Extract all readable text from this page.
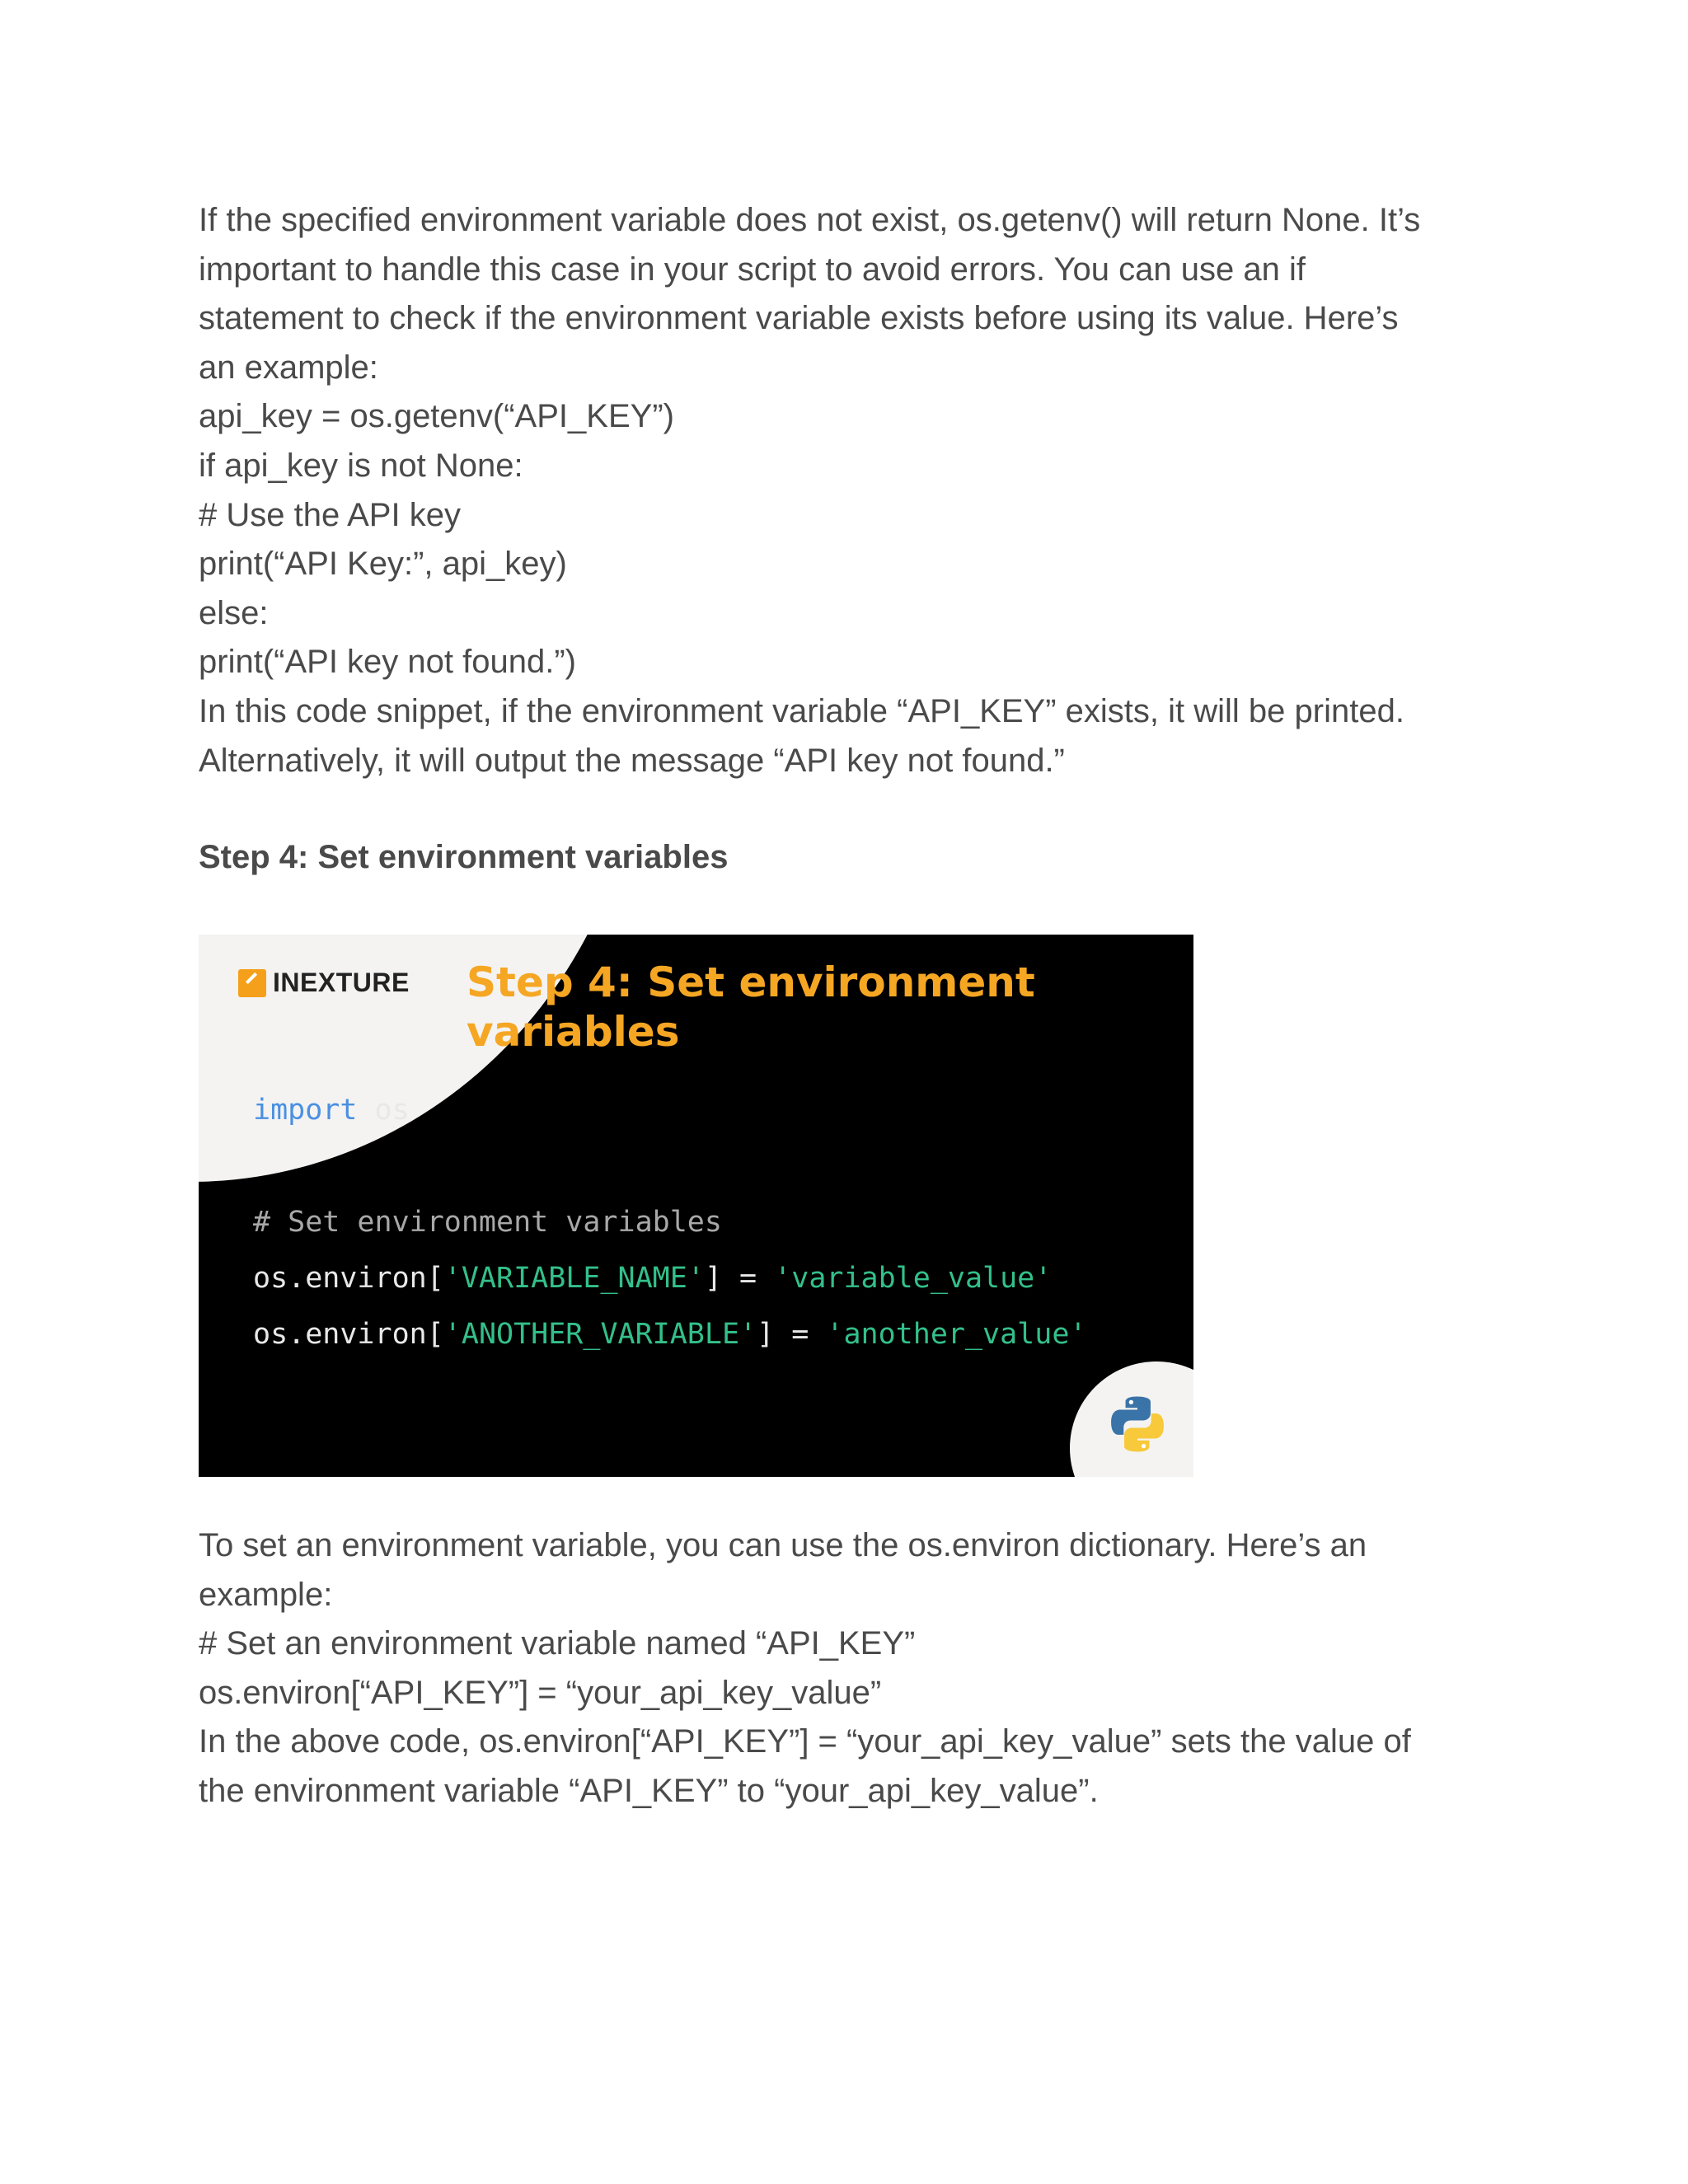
If the specified environment variable does not exist, os.getenv() will return None. It’s

important to handle this case in your script to avoid errors. You can use an if

statement to check if the environment variable exists before using its value. Here’s

an example:

api_key = os.getenv(“API_KEY”)

if api_key is not None:

# Use the API key

print(“API Key:”, api_key)

else:

print(“API key not found.”)

In this code snippet, if the environment variable “API_KEY” exists, it will be printed.

Alternatively, it will output the message “API key not found.”

Step 4: Set environment variables
INEXTURE Step 4: Set environment
variables
import os
# Set environment variables
os.environ['VARIABLE_NAME'] = 'variable_value'
os.environ['ANOTHER_VARIABLE'] = 'another_value'

To set an environment variable, you can use the os.environ dictionary. Here’s an

example:

# Set an environment variable named “API_KEY”

os.environ[“API_KEY”] = “your_api_key_value”

In the above code, os.environ[“API_KEY”] = “your_api_key_value” sets the value of

the environment variable “API_KEY” to “your_api_key_value”.
